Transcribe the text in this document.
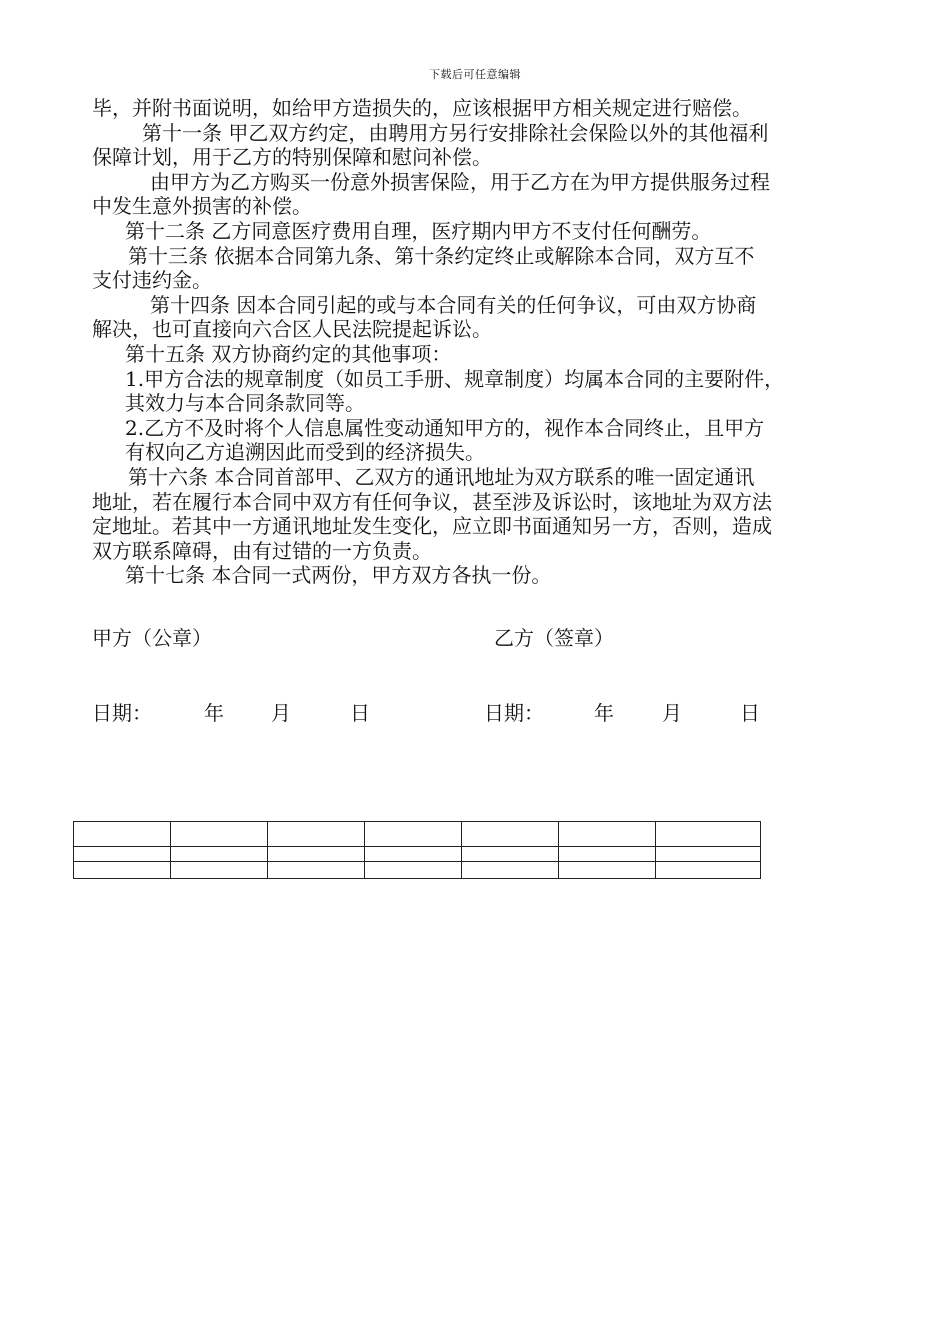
下载后可任意编辑
毕，并附书面说明，如给甲方造损失的，应该根据甲方相关规定进行赔偿。
第十一条 甲乙双方约定，由聘用方另行安排除社会保险以外的其他福利
保障计划，用于乙方的特别保障和慰问补偿。
由甲方为乙方购买一份意外损害保险，用于乙方在为甲方提供服务过程
中发生意外损害的补偿。
第十二条 乙方同意医疗费用自理，医疗期内甲方不支付任何酬劳。
第十三条 依据本合同第九条、第十条约定终止或解除本合同，双方互不
支付违约金。
第十四条 因本合同引起的或与本合同有关的任何争议，可由双方协商
解决，也可直接向六合区人民法院提起诉讼。
第十五条 双方协商约定的其他事项：
1.甲方合法的规章制度（如员工手册、规章制度）均属本合同的主要附件，
其效力与本合同条款同等。
2.乙方不及时将个人信息属性变动通知甲方的，视作本合同终止，且甲方
有权向乙方追溯因此而受到的经济损失。
第十六条 本合同首部甲、乙双方的通讯地址为双方联系的唯一固定通讯
地址，若在履行本合同中双方有任何争议，甚至涉及诉讼时，该地址为双方法
定地址。若其中一方通讯地址发生变化，应立即书面通知另一方，否则，造成
双方联系障碍，由有过错的一方负责。
第十七条 本合同一式两份，甲方双方各执一份。
甲方（公章）	乙方（签章）
日期：	年 月	日	日期：	年 月	日
